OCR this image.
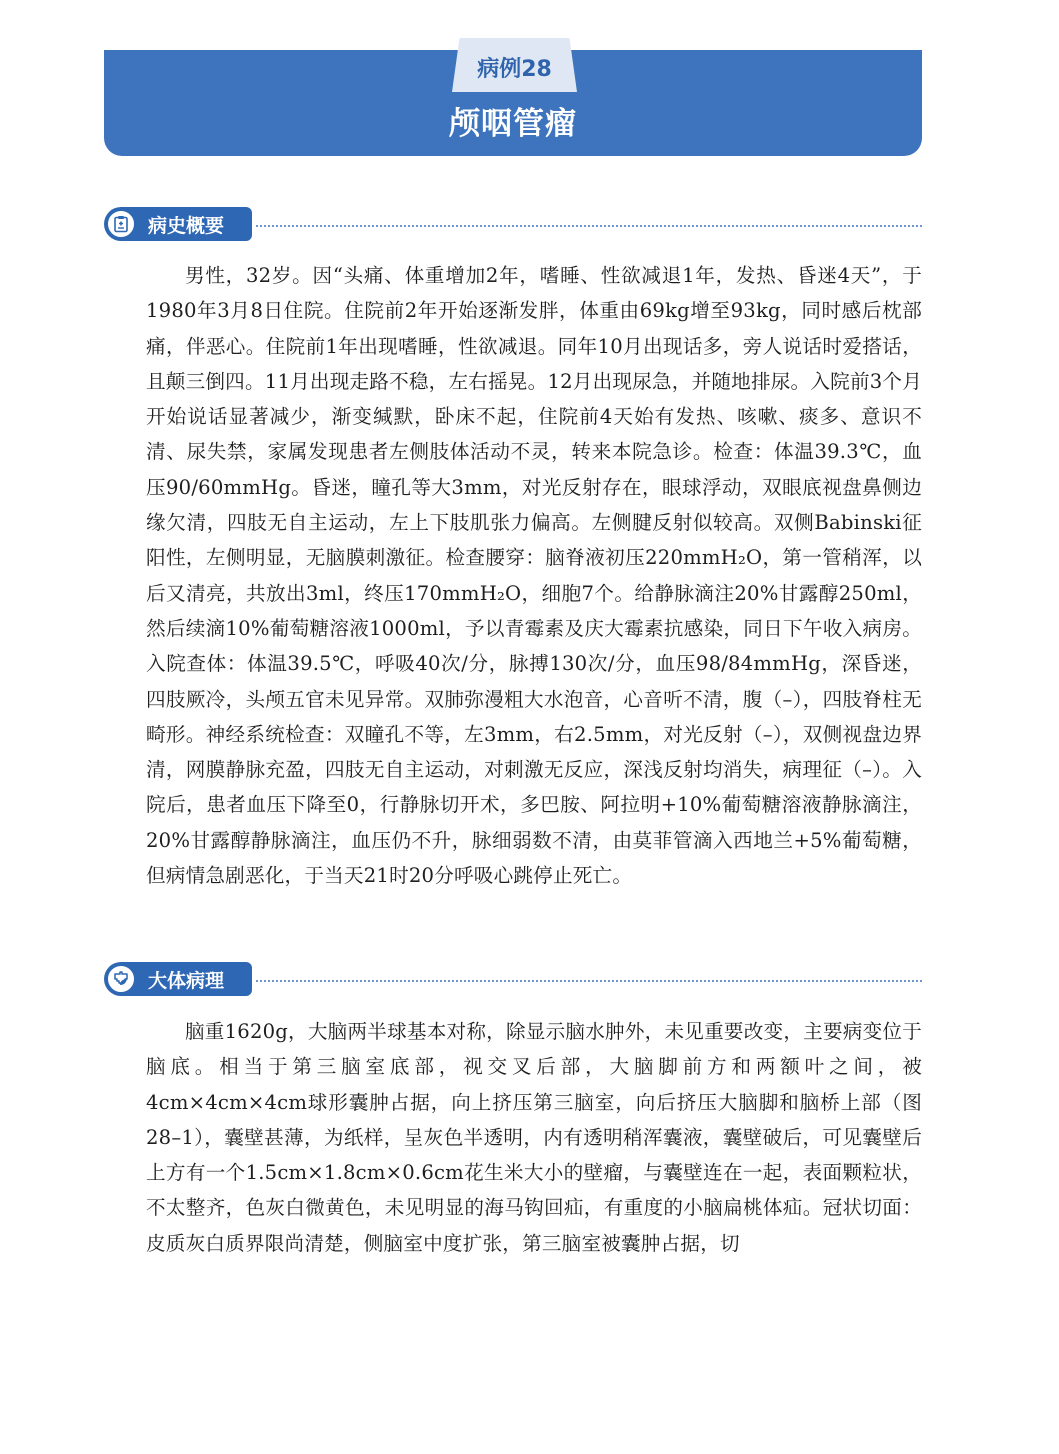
病例28
颅咽管瘤
病史概要

男性，32岁。因“头痛、体重增加2年，嗜睡、性欲减退1年，发热、昏迷4天”，于1980年3月8日住院。住院前2年开始逐渐发胖，体重由69kg增至93kg，同时感后枕部痛，伴恶心。住院前1年出现嗜睡，性欲减退。同年10月出现话多，旁人说话时爱搭话，且颠三倒四。11月出现走路不稳，左右摇晃。12月出现尿急，并随地排尿。入院前3个月开始说话显著减少，渐变缄默，卧床不起，住院前4天始有发热、咳嗽、痰多、意识不清、尿失禁，家属发现患者左侧肢体活动不灵，转来本院急诊。检查：体温39.3℃，血压90/60mmHg。昏迷，瞳孔等大3mm，对光反射存在，眼球浮动，双眼底视盘鼻侧边缘欠清，四肢无自主运动，左上下肢肌张力偏高。左侧腱反射似较高。双侧Babinski征阳性，左侧明显，无脑膜刺激征。检查腰穿：脑脊液初压220mmH₂O，第一管稍浑，以后又清亮，共放出3ml，终压170mmH₂O，细胞7个。给静脉滴注20%甘露醇250ml，然后续滴10%葡萄糖溶液1000ml，予以青霉素及庆大霉素抗感染，同日下午收入病房。入院查体：体温39.5℃，呼吸40次/分，脉搏130次/分，血压98/84mmHg，深昏迷，四肢厥冷，头颅五官未见异常。双肺弥漫粗大水泡音，心音听不清，腹（–），四肢脊柱无畸形。神经系统检查：双瞳孔不等，左3mm，右2.5mm，对光反射（–），双侧视盘边界清，网膜静脉充盈，四肢无自主运动，对刺激无反应，深浅反射均消失，病理征（–）。入院后，患者血压下降至0，行静脉切开术，多巴胺、阿拉明+10%葡萄糖溶液静脉滴注，20%甘露醇静脉滴注，血压仍不升，脉细弱数不清，由莫菲管滴入西地兰+5%葡萄糖，但病情急剧恶化，于当天21时20分呼吸心跳停止死亡。

大体病理

脑重1620g，大脑两半球基本对称，除显示脑水肿外，未见重要改变，主要病变位于脑底。相当于第三脑室底部，视交叉后部，大脑脚前方和两额叶之间，被4cm×4cm×4cm球形囊肿占据，向上挤压第三脑室，向后挤压大脑脚和脑桥上部（图28–1），囊壁甚薄，为纸样，呈灰色半透明，内有透明稍浑囊液，囊壁破后，可见囊壁后上方有一个1.5cm×1.8cm×0.6cm花生米大小的壁瘤，与囊壁连在一起，表面颗粒状，不太整齐，色灰白微黄色，未见明显的海马钩回疝，有重度的小脑扁桃体疝。冠状切面：皮质灰白质界限尚清楚，侧脑室中度扩张，第三脑室被囊肿占据，切
